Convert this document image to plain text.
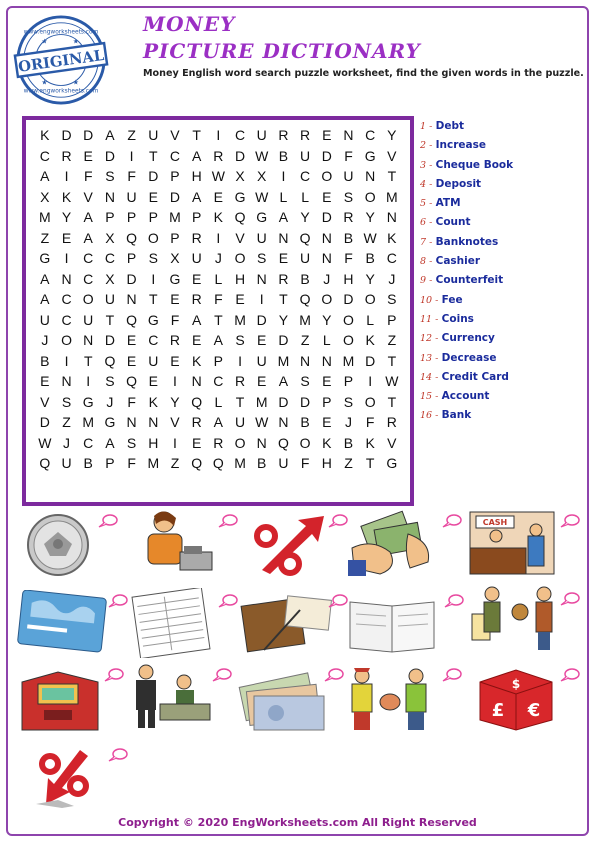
ORIGINAL
www.engworksheets.com
www.engworksheets.com
★	★
★	★
MONEY
PICTURE DICTIONARY
Money English word search puzzle worksheet, find the given words in the puzzle.
K D D A Z U V T	I	C U R R E N C Y
C R E D	I	T C A R D W B U D F G V
A	I	F S F D P H W X X	I	C O U N T
X K V N U E D A E G W L L E S O M
M Y A P P P M P K Q G A Y D R Y N
Z E A X Q O P R	I	V U N Q N B W K
G	I	C C P S X U J O S E U N F B C
A N C X D	I	G E L H N R B J H Y J
A C O U N T E R F E	I	T Q O D O S
U C U T Q G F A T M D Y M Y O L P
J O N D E C R E A S E D Z L O K Z
B	I	T Q E U E K P	I	U M N N M D T
E N	I	S Q E	I	N C R E A S E P	I W
V S G J F K Y Q L T M D D P S O T
D Z M G N N V R A U W N B E J F R
W J C A S H	I	E R O N Q O K B K V
Q U B P F M Z Q Q M B U F H Z T G
1 - Debt
2 - Increase
3 - Cheque Book
4 - Deposit
5 - ATM
6 - Count
7 - Banknotes
8 - Cashier
9 - Counterfeit
10 - Fee
11 - Coins
12 - Currency
13 - Decrease
14 - Credit Card
15 - Account
16 - Bank
CASH
$
£ €
Copyright © 2020 EngWorksheets.com All Right Reserved
